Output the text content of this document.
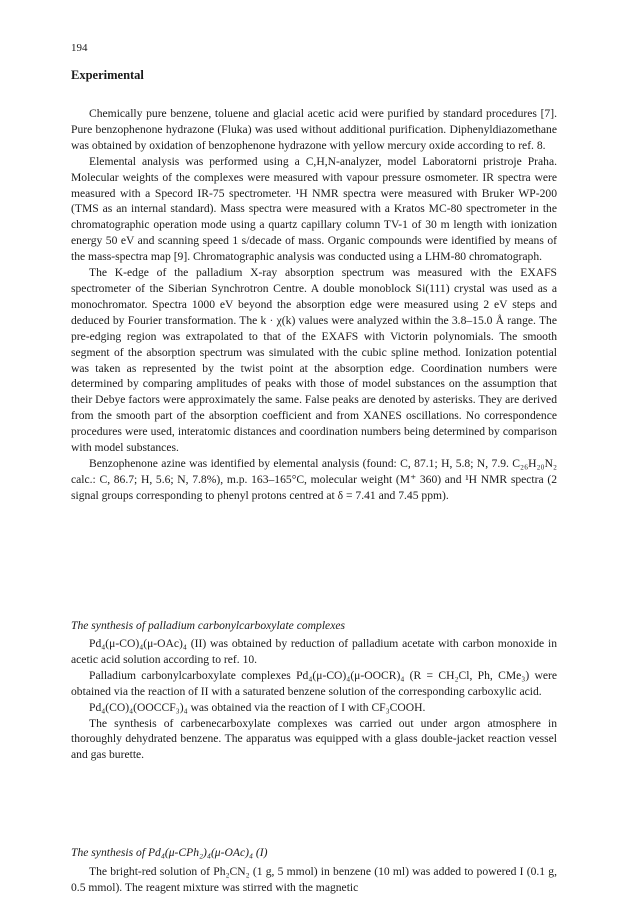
194
Experimental

Chemically pure benzene, toluene and glacial acetic acid were purified by standard procedures [7]. Pure benzophenone hydrazone (Fluka) was used without additional purification. Diphenyldiazomethane was obtained by oxidation of benzophenone hydrazone with yellow mercury oxide according to ref. 8.

Elemental analysis was performed using a C,H,N-analyzer, model Laboratorni pristroje Praha. Molecular weights of the complexes were measured with vapour pressure osmometer. IR spectra were measured with a Specord IR-75 spectrometer. ¹H NMR spectra were measured with Bruker WP-200 (TMS as an internal standard). Mass spectra were measured with a Kratos MC-80 spectrometer in the chromatographic operation mode using a quartz capillary column TV-1 of 30 m length with ionization energy 50 eV and scanning speed 1 s/decade of mass. Organic compounds were identified by means of the mass-spectra map [9]. Chromatographic analysis was conducted using a LHM-80 chromatograph.

The K-edge of the palladium X-ray absorption spectrum was measured with the EXAFS spectrometer of the Siberian Synchrotron Centre. A double monoblock Si(111) crystal was used as a monochromator. Spectra 1000 eV beyond the absorption edge were measured using 2 eV steps and deduced by Fourier transformation. The k · χ(k) values were analyzed within the 3.8–15.0 Å range. The pre-edging region was extrapolated to that of the EXAFS with Victorin polynomials. The smooth segment of the absorption spectrum was simulated with the cubic spline method. Ionization potential was taken as represented by the twist point at the absorption edge. Coordination numbers were determined by comparing amplitudes of peaks with those of model substances on the assumption that their Debye factors were approximately the same. False peaks are denoted by asterisks. They are derived from the smooth part of the absorption coefficient and from XANES oscillations. No correspondence procedures were used, interatomic distances and coordination numbers being determined by comparison with model substances.

Benzophenone azine was identified by elemental analysis (found: C, 87.1; H, 5.8; N, 7.9. C₂₆H₂₀N₂ calc.: C, 86.7; H, 5.6; N, 7.8%), m.p. 163–165°C, molecular weight (M⁺ 360) and ¹H NMR spectra (2 signal groups corresponding to phenyl protons centred at δ = 7.41 and 7.45 ppm).

The synthesis of palladium carbonylcarboxylate complexes

Pd₄(μ-CO)₄(μ-OAc)₄ (II) was obtained by reduction of palladium acetate with carbon monoxide in acetic acid solution according to ref. 10.

Palladium carbonylcarboxylate complexes Pd₄(μ-CO)₄(μ-OOCR)₄ (R = CH₂Cl, Ph, CMe₃) were obtained via the reaction of II with a saturated benzene solution of the corresponding carboxylic acid.

Pd₄(CO)₄(OOCCF₃)₄ was obtained via the reaction of I with CF₃COOH.

The synthesis of carbenecarboxylate complexes was carried out under argon atmosphere in thoroughly dehydrated benzene. The apparatus was equipped with a glass double-jacket reaction vessel and gas burette.

The synthesis of Pd₄(μ-CPh₂)₄(μ-OAc)₄ (I)

The bright-red solution of Ph₂CN₂ (1 g, 5 mmol) in benzene (10 ml) was added to powered I (0.1 g, 0.5 mmol). The reagent mixture was stirred with the magnetic
